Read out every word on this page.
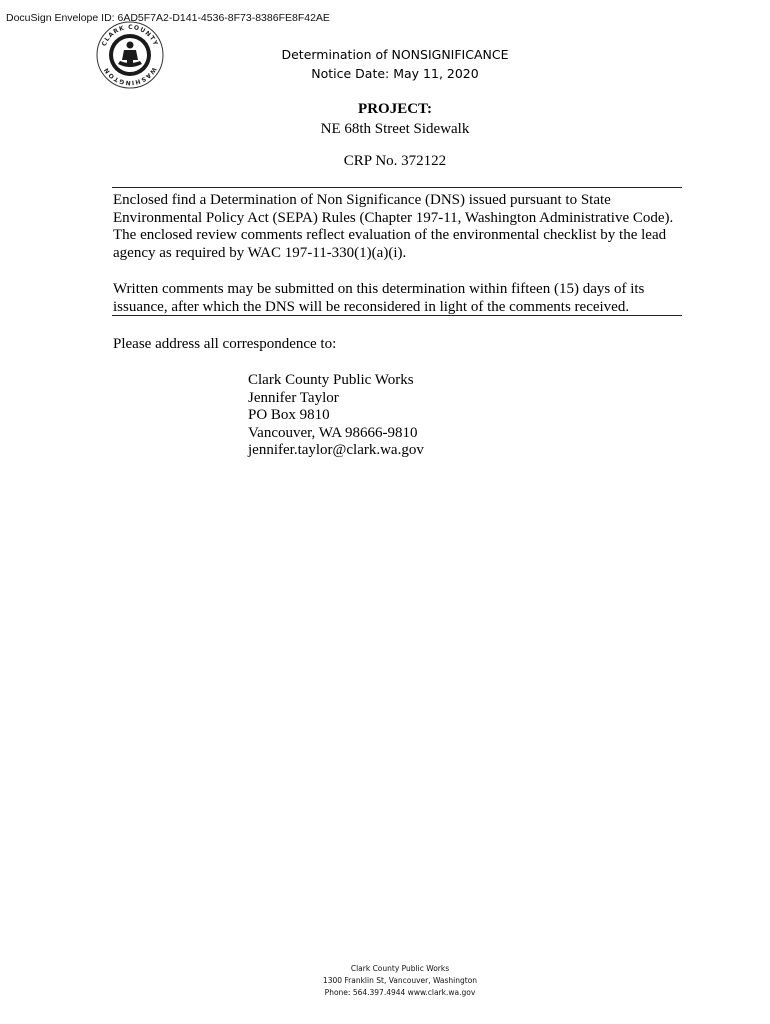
DocuSign Envelope ID: 6AD5F7A2-D141-4536-8F73-8386FE8F42AE
CLARK COUNTY
WASHINGTON
Determination of NONSIGNIFICANCE
Notice Date: May 11, 2020
PROJECT:
NE 68th Street Sidewalk
CRP No. 372122
Enclosed find a Determination of Non Significance (DNS) issued pursuant to State Environmental Policy Act (SEPA) Rules (Chapter 197-11, Washington Administrative Code). The enclosed review comments reflect evaluation of the environmental checklist by the lead agency as required by WAC 197-11-330(1)(a)(i).
Written comments may be submitted on this determination within fifteen (15) days of its issuance, after which the DNS will be reconsidered in light of the comments received.
Please address all correspondence to:
Clark County Public Works
Jennifer Taylor
PO Box 9810
Vancouver, WA 98666-9810
jennifer.taylor@clark.wa.gov
Clark County Public Works
1300 Franklin St, Vancouver, Washington
Phone: 564.397.4944 www.clark.wa.gov
